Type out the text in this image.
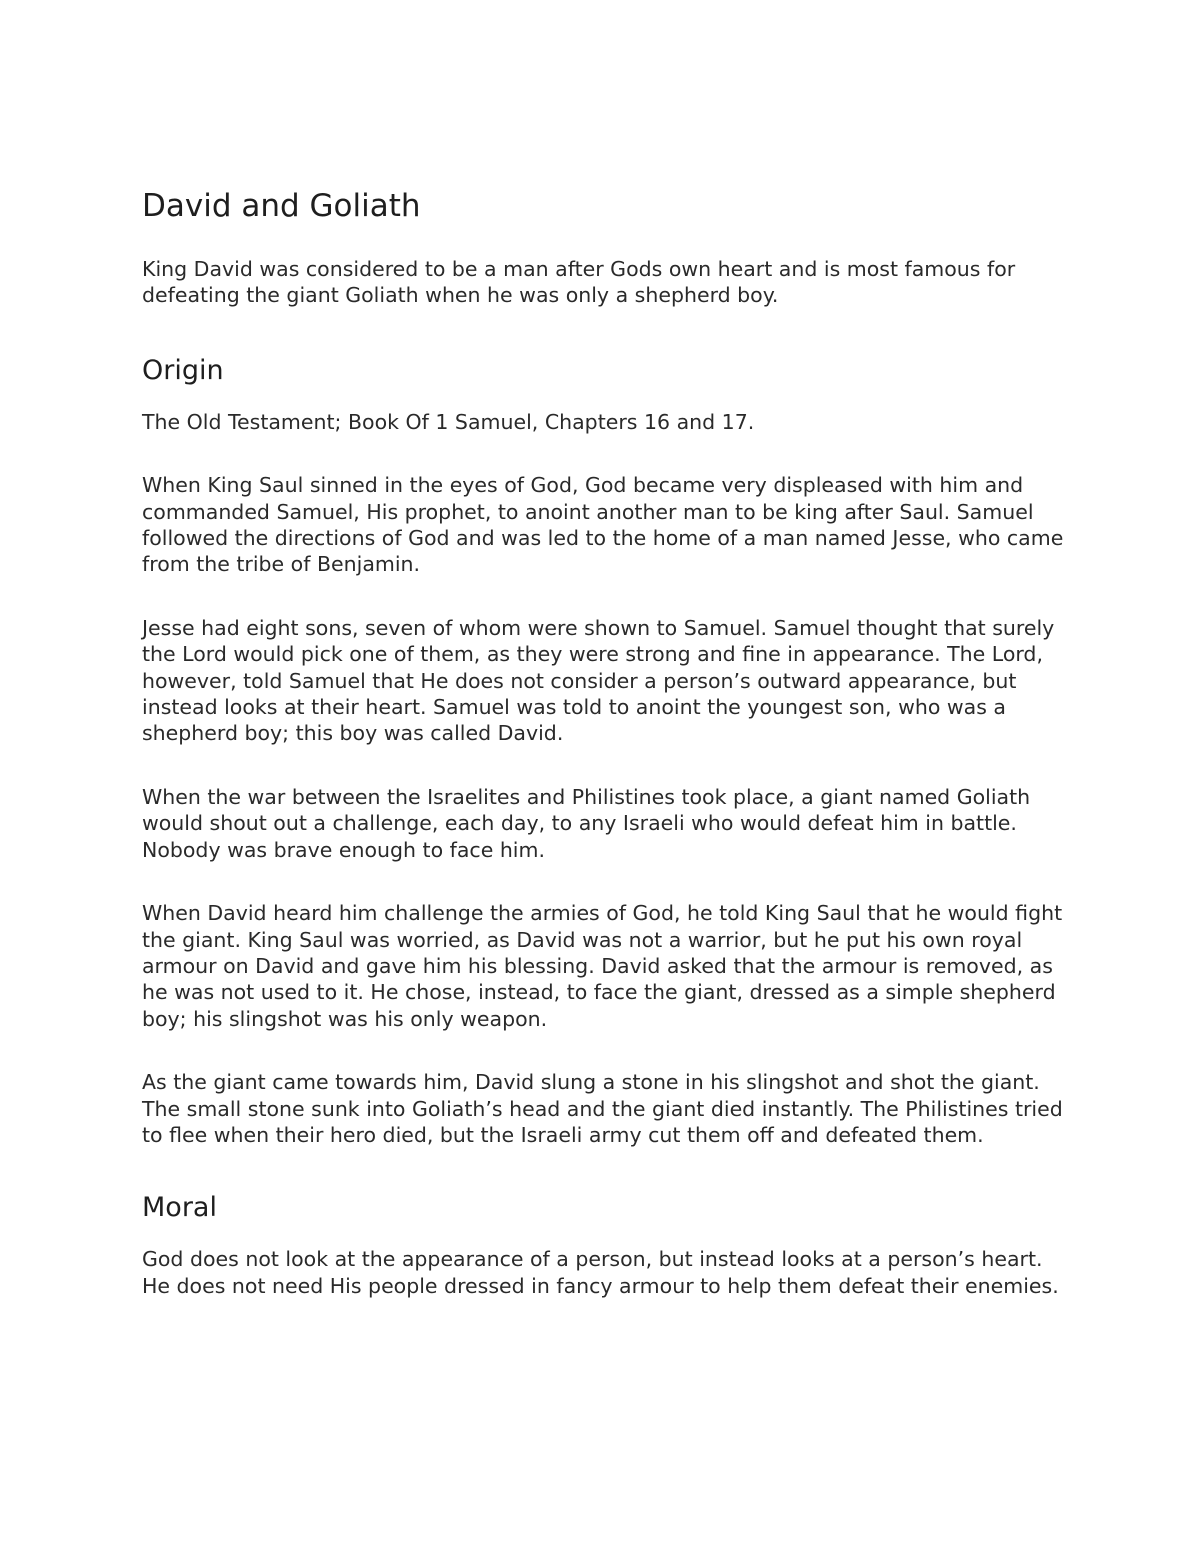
David and Goliath

King David was considered to be a man after Gods own heart and is most famous for defeating the giant Goliath when he was only a shepherd boy.

Origin

The Old Testament; Book Of 1 Samuel, Chapters 16 and 17.

When King Saul sinned in the eyes of God, God became very displeased with him and commanded Samuel, His prophet, to anoint another man to be king after Saul. Samuel followed the directions of God and was led to the home of a man named Jesse, who came from the tribe of Benjamin.

Jesse had eight sons, seven of whom were shown to Samuel. Samuel thought that surely the Lord would pick one of them, as they were strong and fine in appearance. The Lord, however, told Samuel that He does not consider a person’s outward appearance, but instead looks at their heart. Samuel was told to anoint the youngest son, who was a shepherd boy; this boy was called David.

When the war between the Israelites and Philistines took place, a giant named Goliath would shout out a challenge, each day, to any Israeli who would defeat him in battle. Nobody was brave enough to face him.

When David heard him challenge the armies of God, he told King Saul that he would fight the giant. King Saul was worried, as David was not a warrior, but he put his own royal armour on David and gave him his blessing. David asked that the armour is removed, as he was not used to it. He chose, instead, to face the giant, dressed as a simple shepherd boy; his slingshot was his only weapon.

As the giant came towards him, David slung a stone in his slingshot and shot the giant. The small stone sunk into Goliath’s head and the giant died instantly. The Philistines tried to flee when their hero died, but the Israeli army cut them off and defeated them.

Moral

God does not look at the appearance of a person, but instead looks at a person’s heart. He does not need His people dressed in fancy armour to help them defeat their enemies.
